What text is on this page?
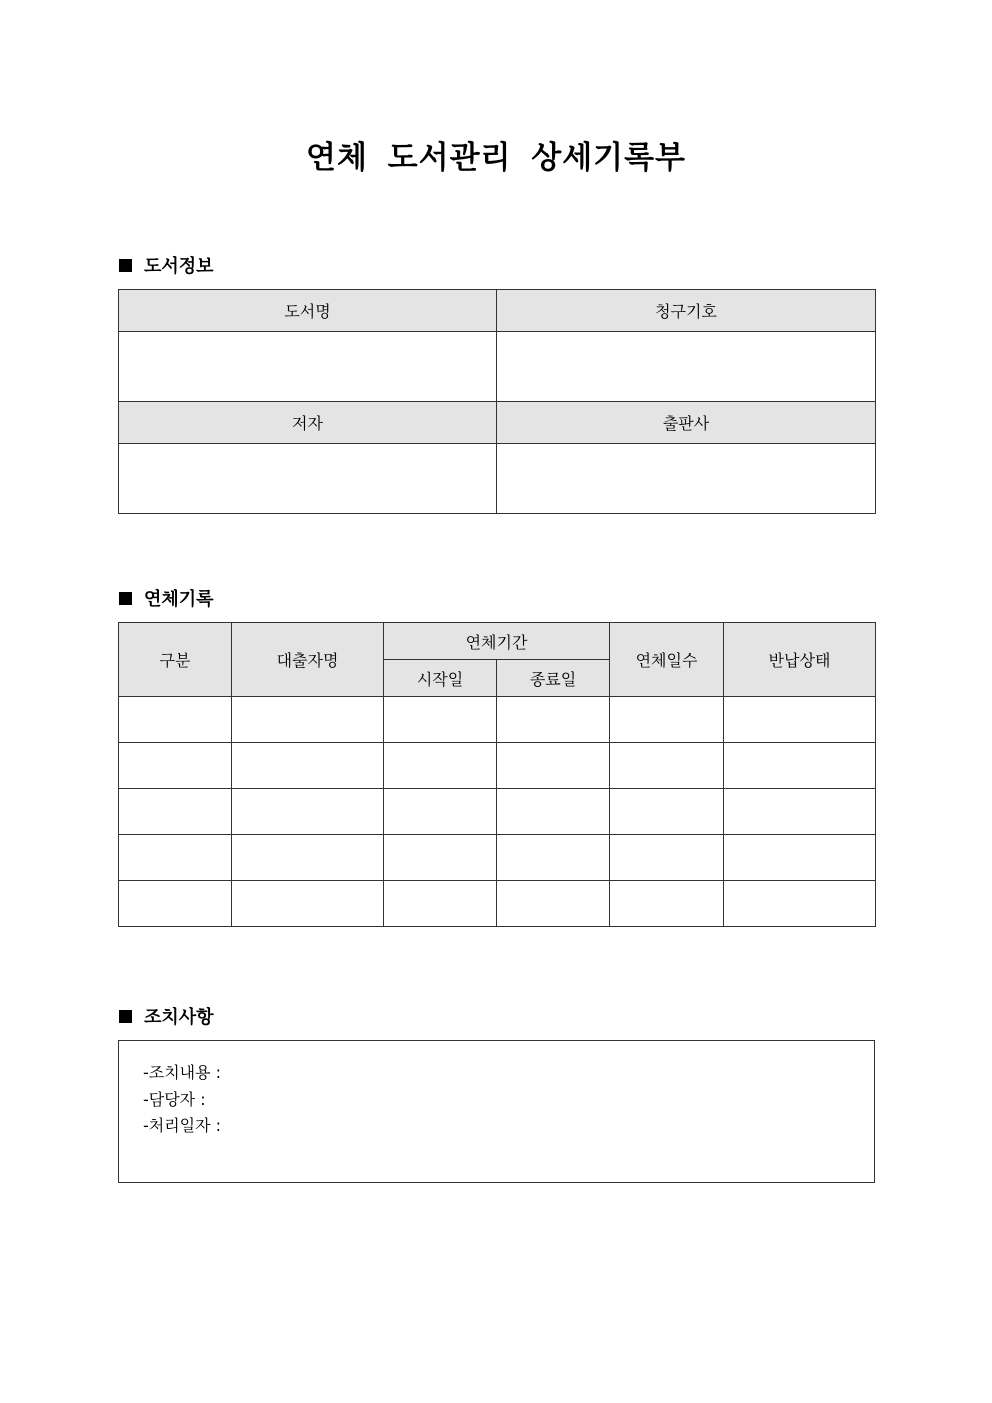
연체 도서관리 상세기록부
도서정보
도서명	청구기호

저자	출판사

연체기록
구분	대출자명	연체기간		연체일수	반납상태
		시작일	종료일		

조치사항
-조치내용 :
-담당자 :
-처리일자 :
